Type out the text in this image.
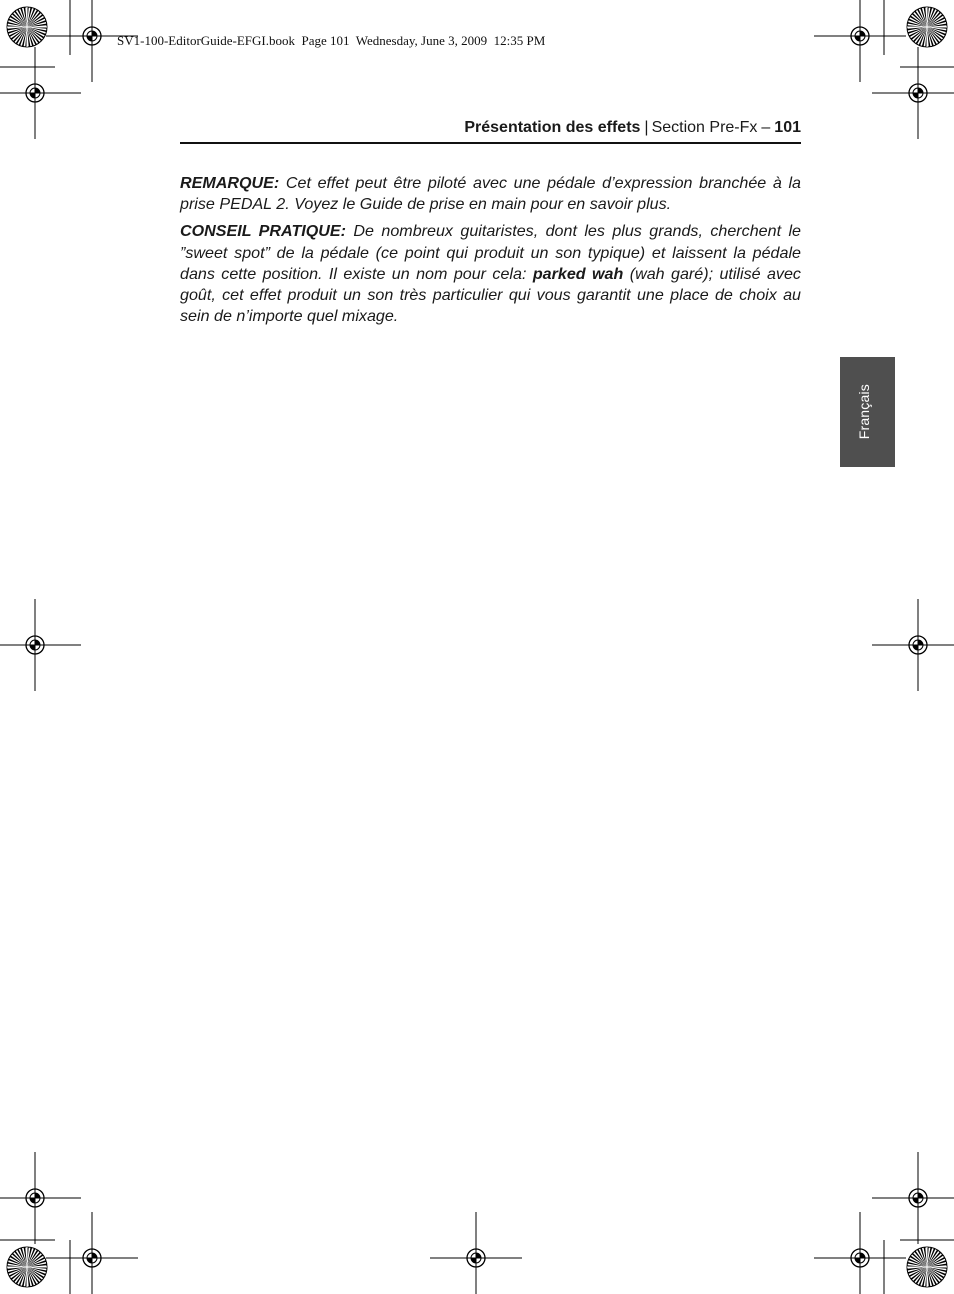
SV1-100-EditorGuide-EFGI.book  Page 101  Wednesday, June 3, 2009  12:35 PM
Présentation des effets | Section Pre-Fx – 101

REMARQUE: Cet effet peut être piloté avec une pédale d’expression branchée à la prise PEDAL 2. Voyez le Guide de prise en main pour en savoir plus.

CONSEIL PRATIQUE: De nombreux guitaristes, dont les plus grands, cherchent le ”sweet spot” de la pédale (ce point qui produit un son typique) et laissent la pédale dans cette position. Il existe un nom pour cela: parked wah (wah garé); utilisé avec goût, cet effet produit un son très particulier qui vous garantit une place de choix au sein de n’importe quel mixage.

Français
